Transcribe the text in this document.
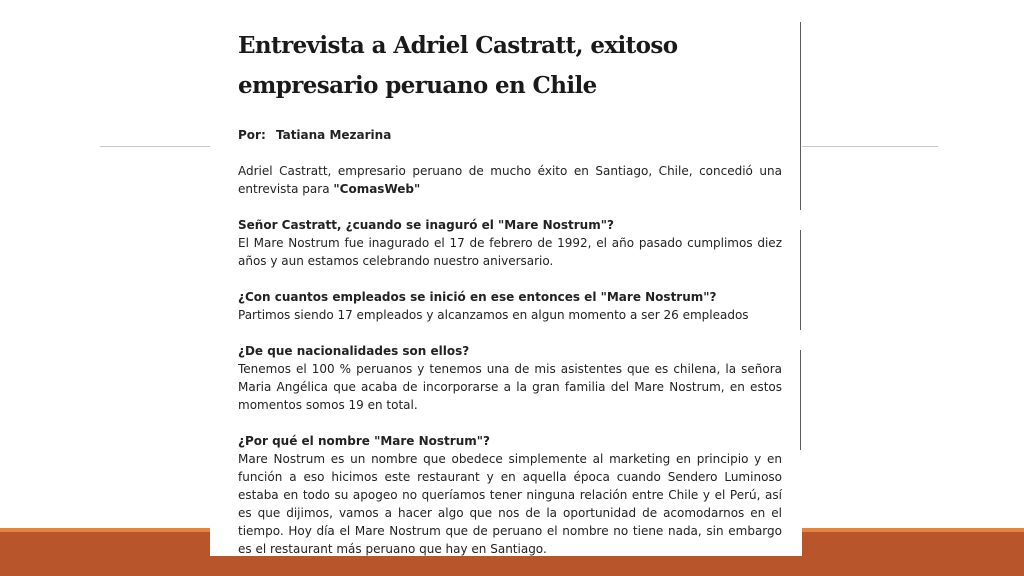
Entrevista a Adriel Castratt, exitoso empresario peruano en Chile
Por: Tatiana Mezarina
Adriel Castratt, empresario peruano de mucho éxito en Santiago, Chile, concedió una entrevista para "ComasWeb"
Señor Castratt, ¿cuando se inaguró el "Mare Nostrum"?
El Mare Nostrum fue inagurado el 17 de febrero de 1992, el año pasado cumplimos diez años y aun estamos celebrando nuestro aniversario.
¿Con cuantos empleados se inició en ese entonces el "Mare Nostrum"?
Partimos siendo 17 empleados y alcanzamos en algun momento a ser 26 empleados
¿De que nacionalidades son ellos?
Tenemos el 100 % peruanos y tenemos una de mis asistentes que es chilena, la señora Maria Angélica que acaba de incorporarse a la gran familia del Mare Nostrum, en estos momentos somos 19 en total.
¿Por qué el nombre "Mare Nostrum"?
Mare Nostrum es un nombre que obedece simplemente al marketing en principio y en función a eso hicimos este restaurant y en aquella época cuando Sendero Luminoso estaba en todo su apogeo no queríamos tener ninguna relación entre Chile y el Perú, así es que dijimos, vamos a hacer algo que nos de la oportunidad de acomodarnos en el tiempo. Hoy día el Mare Nostrum que de peruano el nombre no tiene nada, sin embargo es el restaurant más peruano que hay en Santiago.
